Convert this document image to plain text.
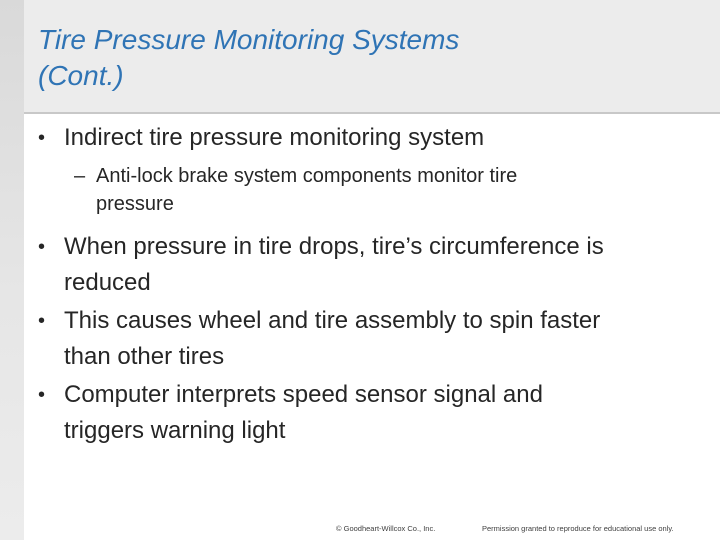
Tire Pressure Monitoring Systems
(Cont.)
• Indirect tire pressure monitoring system
– Anti-lock brake system components monitor tire
pressure
• When pressure in tire drops, tire’s circumference is
reduced
• This causes wheel and tire assembly to spin faster
than other tires
• Computer interprets speed sensor signal and
triggers warning light
© Goodheart-Willcox Co., Inc.	Permission granted to reproduce for educational use only.
